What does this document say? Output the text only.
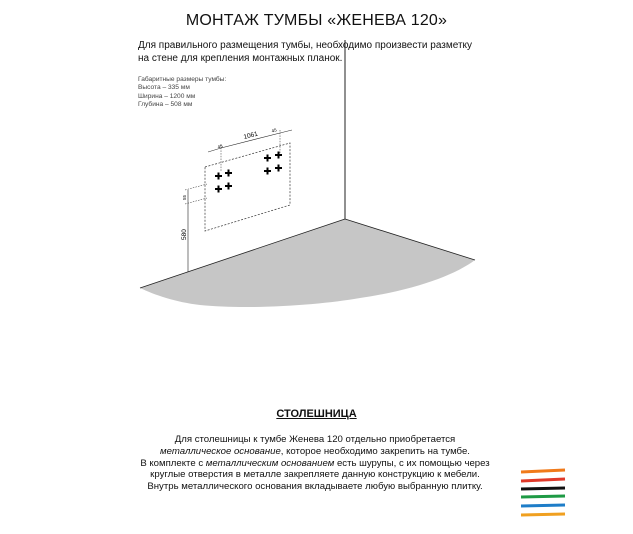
МОНТАЖ ТУМБЫ «ЖЕНЕВА 120»
Для правильного размещения тумбы, необходимо произвести разметку на стене для крепления монтажных планок.
Габаритные размеры тумбы:
Высота – 335 мм
Ширина – 1200 мм
Глубина – 508 мм
1061
45
45
55
580
СТОЛЕШНИЦА

Для столешницы к тумбе Женева 120 отдельно приобретается

металлическое основание, которое необходимо закрепить на тумбе.

В комплекте с металлическим основанием есть шурупы, с их помощью через круглые отверстия в металле закрепляете данную конструкцию к мебели.

Внутрь металлического основания вкладываете любую выбранную плитку.
